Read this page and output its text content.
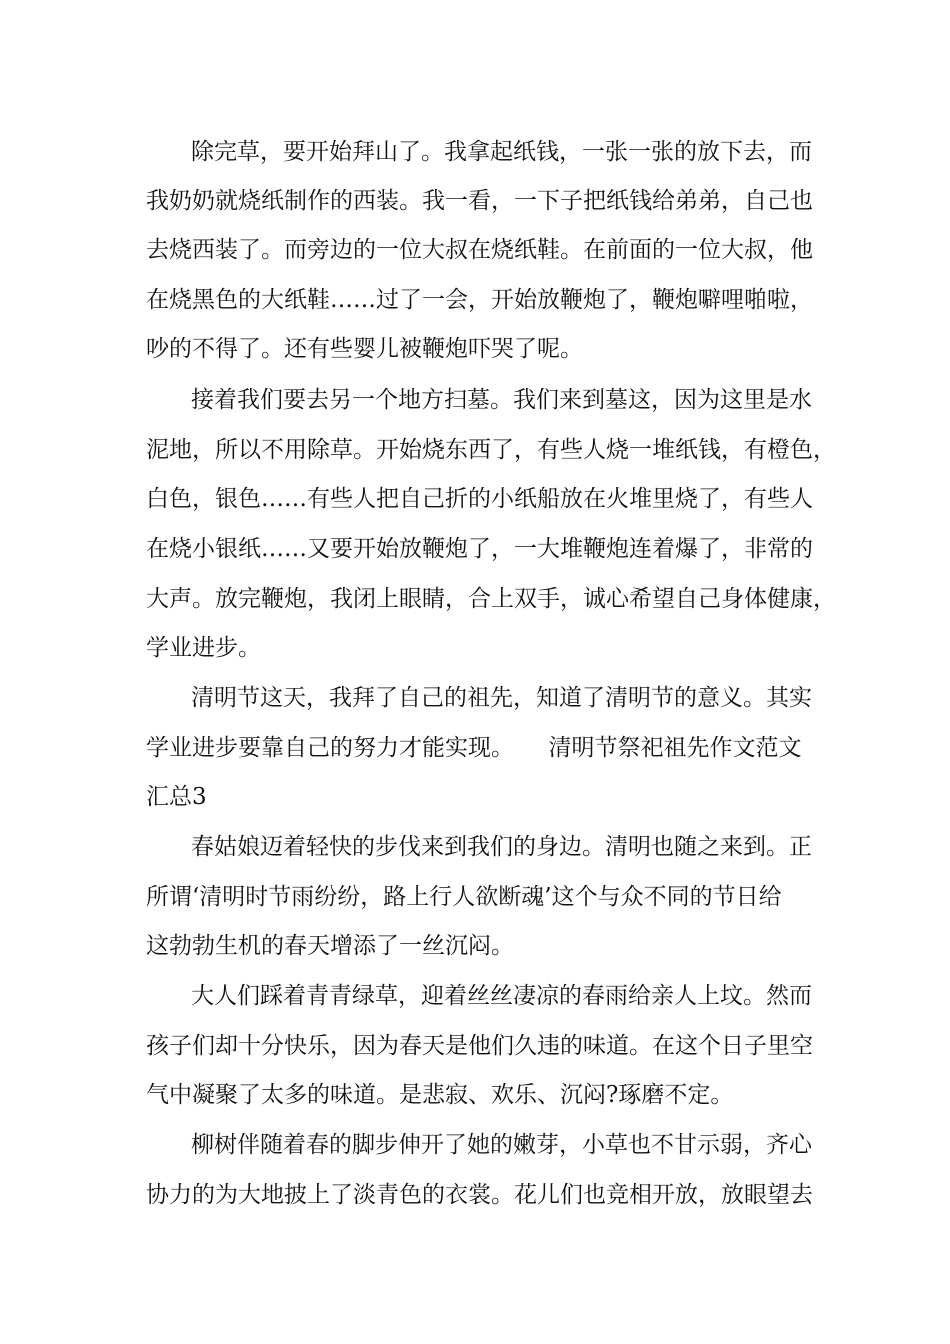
除完草，要开始拜山了。我拿起纸钱，一张一张的放下去，而

我奶奶就烧纸制作的西装。我一看，一下子把纸钱给弟弟，自己也

去烧西装了。而旁边的一位大叔在烧纸鞋。在前面的一位大叔，他

在烧黑色的大纸鞋……过了一会，开始放鞭炮了，鞭炮噼哩啪啦，

吵的不得了。还有些婴儿被鞭炮吓哭了呢。

接着我们要去另一个地方扫墓。我们来到墓这，因为这里是水

泥地，所以不用除草。开始烧东西了，有些人烧一堆纸钱，有橙色，

白色，银色……有些人把自己折的小纸船放在火堆里烧了，有些人

在烧小银纸……又要开始放鞭炮了，一大堆鞭炮连着爆了，非常的

大声。放完鞭炮，我闭上眼睛，合上双手，诚心希望自己身体健康，

学业进步。

清明节这天，我拜了自己的祖先，知道了清明节的意义。其实

学业进步要靠自己的努力才能实现。　　清明节祭祀祖先作文范文

汇总3

春姑娘迈着轻快的步伐来到我们的身边。清明也随之来到。正

所谓‘清明时节雨纷纷，路上行人欲断魂’这个与众不同的节日给

这勃勃生机的春天增添了一丝沉闷。

大人们踩着青青绿草，迎着丝丝凄凉的春雨给亲人上坟。然而

孩子们却十分快乐，因为春天是他们久违的味道。在这个日子里空

气中凝聚了太多的味道。是悲寂、欢乐、沉闷?琢磨不定。

柳树伴随着春的脚步伸开了她的嫩芽，小草也不甘示弱，齐心

协力的为大地披上了淡青色的衣裳。花儿们也竞相开放，放眼望去
